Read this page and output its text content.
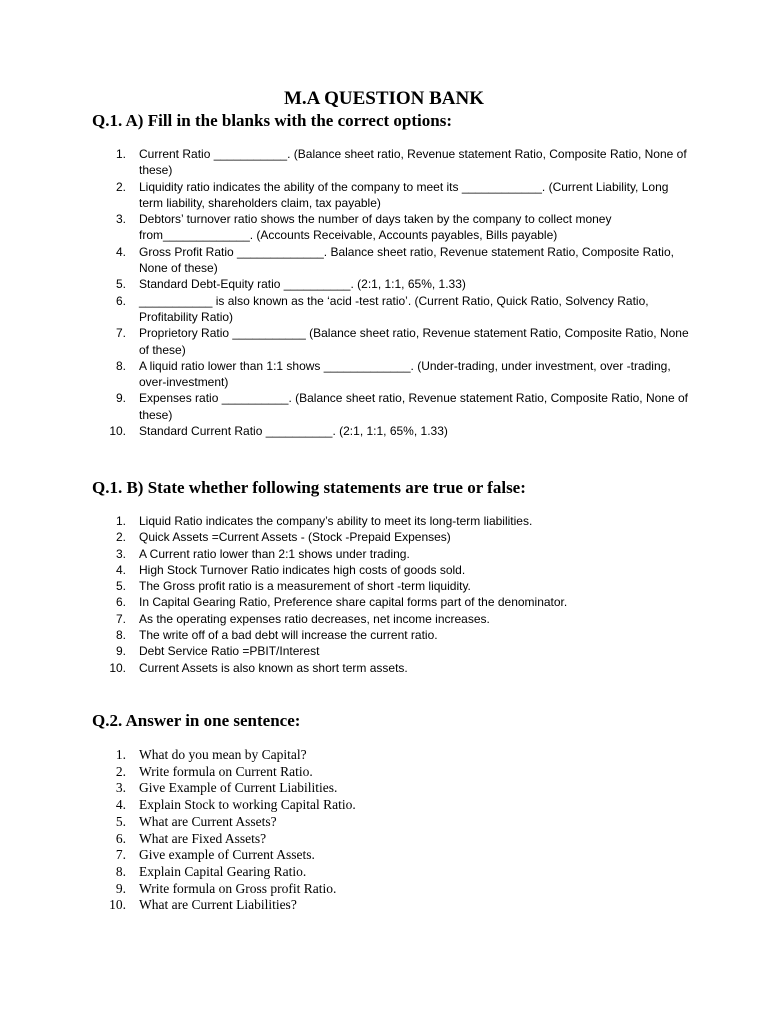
M.A QUESTION BANK
Q.1. A) Fill in the blanks with the correct options:
1. Current Ratio ___________. (Balance sheet ratio, Revenue statement Ratio, Composite Ratio, None of these)
2. Liquidity ratio indicates the ability of the company to meet its ____________. (Current Liability, Long term liability, shareholders claim, tax payable)
3. Debtors’ turnover ratio shows the number of days taken by the company to collect money from_____________. (Accounts Receivable, Accounts payables, Bills payable)
4. Gross Profit Ratio _____________. Balance sheet ratio, Revenue statement Ratio, Composite Ratio, None of these)
5. Standard Debt-Equity ratio __________. (2:1, 1:1, 65%, 1.33)
6. ___________ is also known as the ‘acid -test ratio’. (Current Ratio, Quick Ratio, Solvency Ratio, Profitability Ratio)
7. Proprietory Ratio ___________ (Balance sheet ratio, Revenue statement Ratio, Composite Ratio, None of these)
8. A liquid ratio lower than 1:1 shows _____________. (Under-trading, under investment, over -trading, over-investment)
9. Expenses ratio __________. (Balance sheet ratio, Revenue statement Ratio, Composite Ratio, None of these)
10. Standard Current Ratio __________. (2:1, 1:1, 65%, 1.33)
Q.1. B) State whether following statements are true or false:
1. Liquid Ratio indicates the company’s ability to meet its long-term liabilities.
2. Quick Assets =Current Assets - (Stock -Prepaid Expenses)
3. A Current ratio lower than 2:1 shows under trading.
4. High Stock Turnover Ratio indicates high costs of goods sold.
5. The Gross profit ratio is a measurement of short -term liquidity.
6. In Capital Gearing Ratio, Preference share capital forms part of the denominator.
7. As the operating expenses ratio decreases, net income increases.
8. The write off of a bad debt will increase the current ratio.
9. Debt Service Ratio =PBIT/Interest
10. Current Assets is also known as short term assets.
Q.2. Answer in one sentence:
1. What do you mean by Capital?
2. Write formula on Current Ratio.
3. Give Example of Current Liabilities.
4. Explain Stock to working Capital Ratio.
5. What are Current Assets?
6. What are Fixed Assets?
7. Give example of Current Assets.
8. Explain Capital Gearing Ratio.
9. Write formula on Gross profit Ratio.
10. What are Current Liabilities?
